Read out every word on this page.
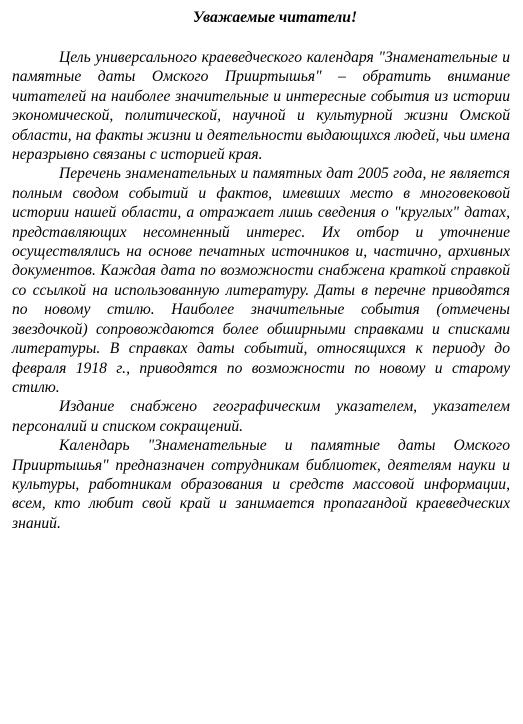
Уважаемые читатели!

Цель универсального краеведческого календаря "Знаменательные и памятные даты Омского Прииртышья" – обратить внимание читателей на наиболее значительные и интересные события из истории экономической, политической, научной и культурной жизни Омской области, на факты жизни и деятельности выдающихся людей, чьи имена неразрывно связаны с историей края.

Перечень знаменательных и памятных дат 2005 года, не является полным сводом событий и фактов, имевших место в многовековой истории нашей области, а отражает лишь сведения о "круглых" датах, представляющих несомненный интерес. Их отбор и уточнение осуществлялись на основе печатных источников и, частично, архивных документов. Каждая дата по возможности снабжена краткой справкой со ссылкой на использованную литературу. Даты в перечне приводятся по новому стилю. Наиболее значительные события (отмечены звездочкой) сопровождаются более обширными справками и списками литературы. В справках даты событий, относящихся к периоду до февраля 1918 г., приводятся по возможности по новому и старому стилю.

Издание снабжено географическим указателем, указателем персоналий и списком сокращений.

Календарь "Знаменательные и памятные даты Омского Прииртышья" предназначен сотрудникам библиотек, деятелям науки и культуры, работникам образования и средств массовой информации, всем, кто любит свой край и занимается пропагандой краеведческих знаний.
